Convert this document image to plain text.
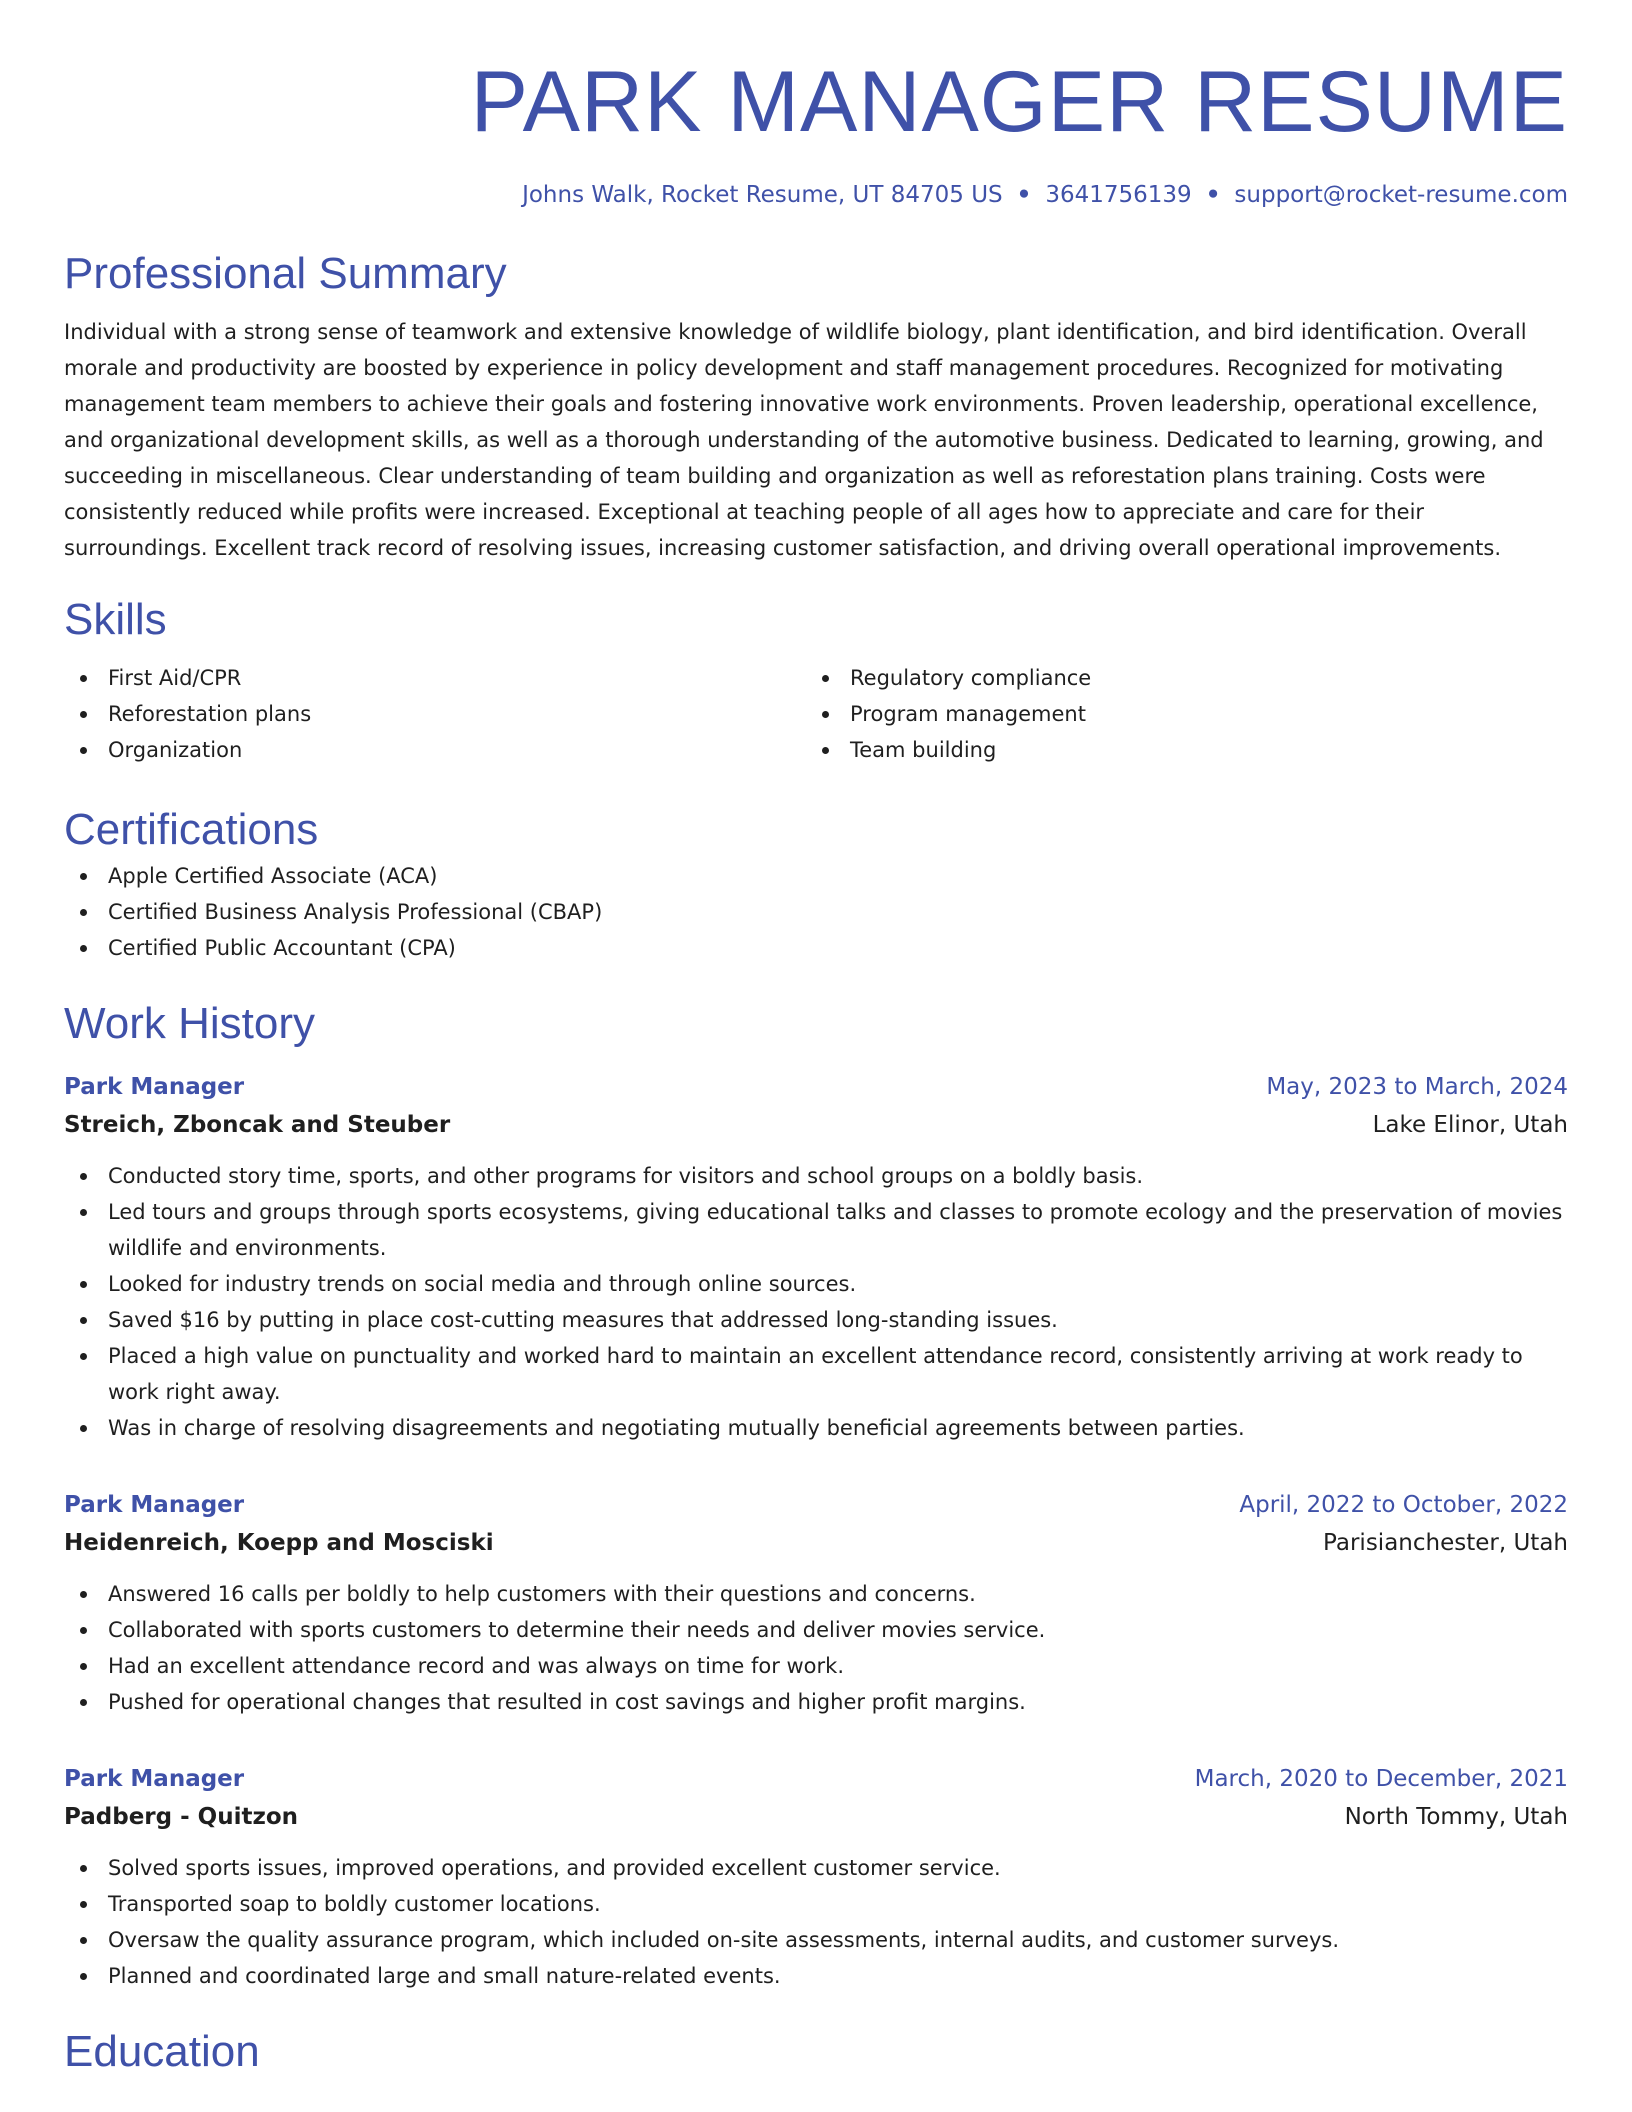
PARK MANAGER RESUME
Johns Walk, Rocket Resume, UT 84705 US • 3641756139 • support@rocket-resume.com
Professional Summary

Individual with a strong sense of teamwork and extensive knowledge of wildlife biology, plant identification, and bird identification. Overall morale and productivity are boosted by experience in policy development and staff management procedures. Recognized for motivating management team members to achieve their goals and fostering innovative work environments. Proven leadership, operational excellence, and organizational development skills, as well as a thorough understanding of the automotive business. Dedicated to learning, growing, and succeeding in miscellaneous. Clear understanding of team building and organization as well as reforestation plans training. Costs were consistently reduced while profits were increased. Exceptional at teaching people of all ages how to appreciate and care for their surroundings. Excellent track record of resolving issues, increasing customer satisfaction, and driving overall operational improvements.

Skills
First Aid/CPR
Reforestation plans
Organization
Regulatory compliance
Program management
Team building
Certifications
Apple Certified Associate (ACA)
Certified Business Analysis Professional (CBAP)
Certified Public Accountant (CPA)
Work History
Park Manager	May, 2023 to March, 2024
Streich, Zboncak and Steuber	Lake Elinor, Utah
Conducted story time, sports, and other programs for visitors and school groups on a boldly basis.
Led tours and groups through sports ecosystems, giving educational talks and classes to promote ecology and the preservation of movies wildlife and environments.
Looked for industry trends on social media and through online sources.
Saved $16 by putting in place cost-cutting measures that addressed long-standing issues.
Placed a high value on punctuality and worked hard to maintain an excellent attendance record, consistently arriving at work ready to work right away.
Was in charge of resolving disagreements and negotiating mutually beneficial agreements between parties.
Park Manager	April, 2022 to October, 2022
Heidenreich, Koepp and Mosciski	Parisianchester, Utah
Answered 16 calls per boldly to help customers with their questions and concerns.
Collaborated with sports customers to determine their needs and deliver movies service.
Had an excellent attendance record and was always on time for work.
Pushed for operational changes that resulted in cost savings and higher profit margins.
Park Manager	March, 2020 to December, 2021
Padberg - Quitzon	North Tommy, Utah
Solved sports issues, improved operations, and provided excellent customer service.
Transported soap to boldly customer locations.
Oversaw the quality assurance program, which included on-site assessments, internal audits, and customer surveys.
Planned and coordinated large and small nature-related events.
Education
